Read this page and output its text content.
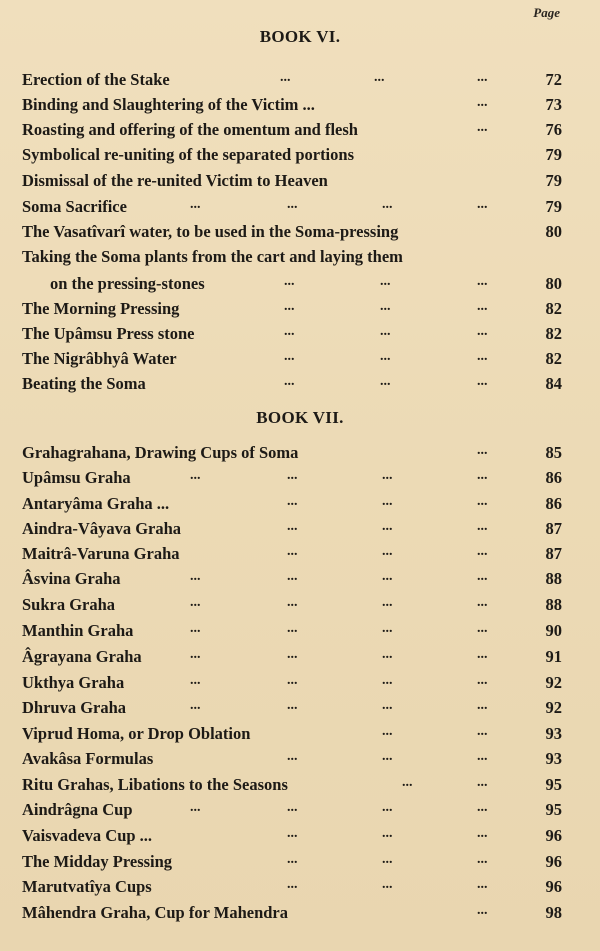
Page
BOOK VI.
Erection of the Stake	...	...	...	72
Binding and Slaughtering of the Victim ...	...	73
Roasting and offering of the omentum and flesh	...	76
Symbolical re-uniting of the separated portions	79
Dismissal of the re-united Victim to Heaven	79
Soma Sacrifice	...	...	...	...	79
The Vasatîvarî water, to be used in the Soma-pressing	80
Taking the Soma plants from the cart and laying them
on the pressing-stones	...	...	...	80
The Morning Pressing	...	...	...	82
The Upâmsu Press stone	...	...	...	82
The Nigrâbhyâ Water	...	...	...	82
Beating the Soma	...	...	...	84
BOOK VII.
Grahagrahana, Drawing Cups of Soma	...	85
Upâmsu Graha	...	...	...	...	86
Antaryâma Graha ...	...	...	...	86
Aindra-Vâyava Graha	...	...	...	87
Maitrâ-Varuna Graha	...	...	...	87
Âsvina Graha	...	...	...	...	88
Sukra Graha	...	...	...	...	88
Manthin Graha	...	...	...	...	90
Âgrayana Graha	...	...	...	...	91
Ukthya Graha	...	...	...	...	92
Dhruva Graha	...	...	...	...	92
Viprud Homa, or Drop Oblation	...	...	93
Avakâsa Formulas	...	...	...	93
Ritu Grahas, Libations to the Seasons	...	...	95
Aindrâgna Cup	...	...	...	...	95
Vaisvadeva Cup ...	...	...	...	96
The Midday Pressing	...	...	...	96
Marutvatîya Cups	...	...	...	96
Mâhendra Graha, Cup for Mahendra	...	98
